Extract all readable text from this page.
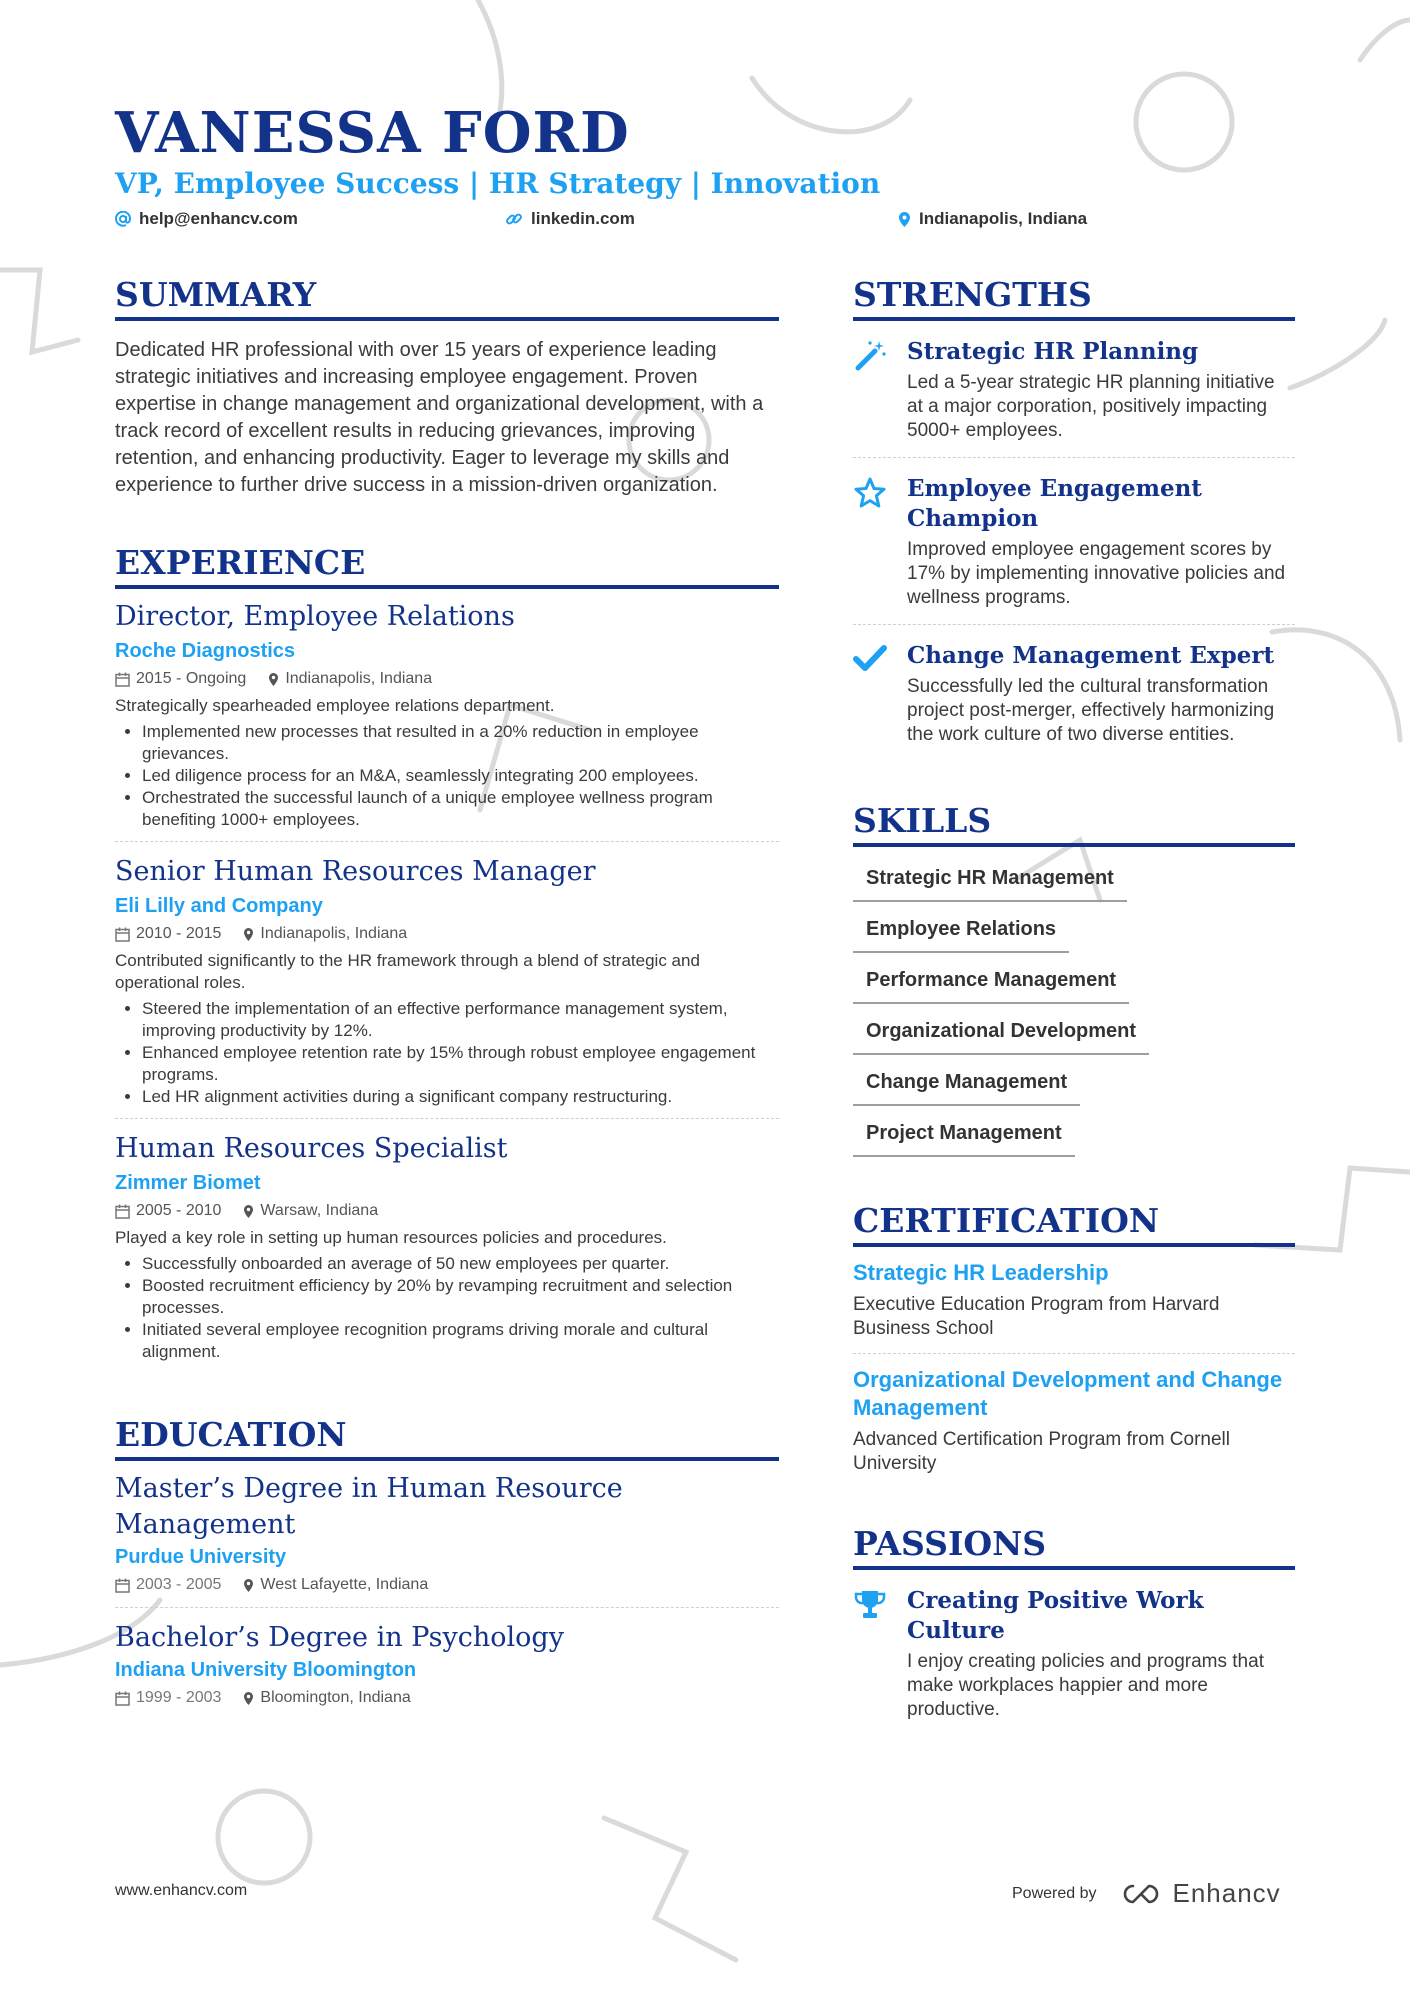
VANESSA FORD
VP, Employee Success | HR Strategy | Innovation
help@enhancv.com	linkedin.com	Indianapolis, Indiana
SUMMARY

Dedicated HR professional with over 15 years of experience leading strategic initiatives and increasing employee engagement. Proven expertise in change management and organizational development, with a track record of excellent results in reducing grievances, improving retention, and enhancing productivity. Eager to leverage my skills and experience to further drive success in a mission-driven organization.

EXPERIENCE
Director, Employee Relations
Roche Diagnostics
2015 - Ongoing Indianapolis, Indiana

Strategically spearheaded employee relations department.

• Implemented new processes that resulted in a 20% reduction in employee grievances.
• Led diligence process for an M&A, seamlessly integrating 200 employees.
• Orchestrated the successful launch of a unique employee wellness program benefiting 1000+ employees.
Senior Human Resources Manager
Eli Lilly and Company
2010 - 2015 Indianapolis, Indiana

Contributed significantly to the HR framework through a blend of strategic and operational roles.

• Steered the implementation of an effective performance management system, improving productivity by 12%.
• Enhanced employee retention rate by 15% through robust employee engagement programs.
• Led HR alignment activities during a significant company restructuring.
Human Resources Specialist
Zimmer Biomet
2005 - 2010 Warsaw, Indiana

Played a key role in setting up human resources policies and procedures.

• Successfully onboarded an average of 50 new employees per quarter.
• Boosted recruitment efficiency by 20% by revamping recruitment and selection processes.
• Initiated several employee recognition programs driving morale and cultural alignment.
EDUCATION
Master’s Degree in Human Resource Management
Purdue University
2003 - 2005 West Lafayette, Indiana
Bachelor’s Degree in Psychology
Indiana University Bloomington
1999 - 2003 Bloomington, Indiana
STRENGTHS
Strategic HR Planning
Led a 5-year strategic HR planning initiative at a major corporation, positively impacting 5000+ employees.
Employee Engagement Champion
Improved employee engagement scores by 17% by implementing innovative policies and wellness programs.
Change Management Expert
Successfully led the cultural transformation project post-merger, effectively harmonizing the work culture of two diverse entities.
SKILLS
Strategic HR Management
Employee Relations
Performance Management
Organizational Development
Change Management
Project Management
CERTIFICATION
Strategic HR Leadership
Executive Education Program from Harvard Business School
Organizational Development and Change Management
Advanced Certification Program from Cornell University
PASSIONS
Creating Positive Work Culture
I enjoy creating policies and programs that make workplaces happier and more productive.
www.enhancv.com	Powered by	Enhancv
